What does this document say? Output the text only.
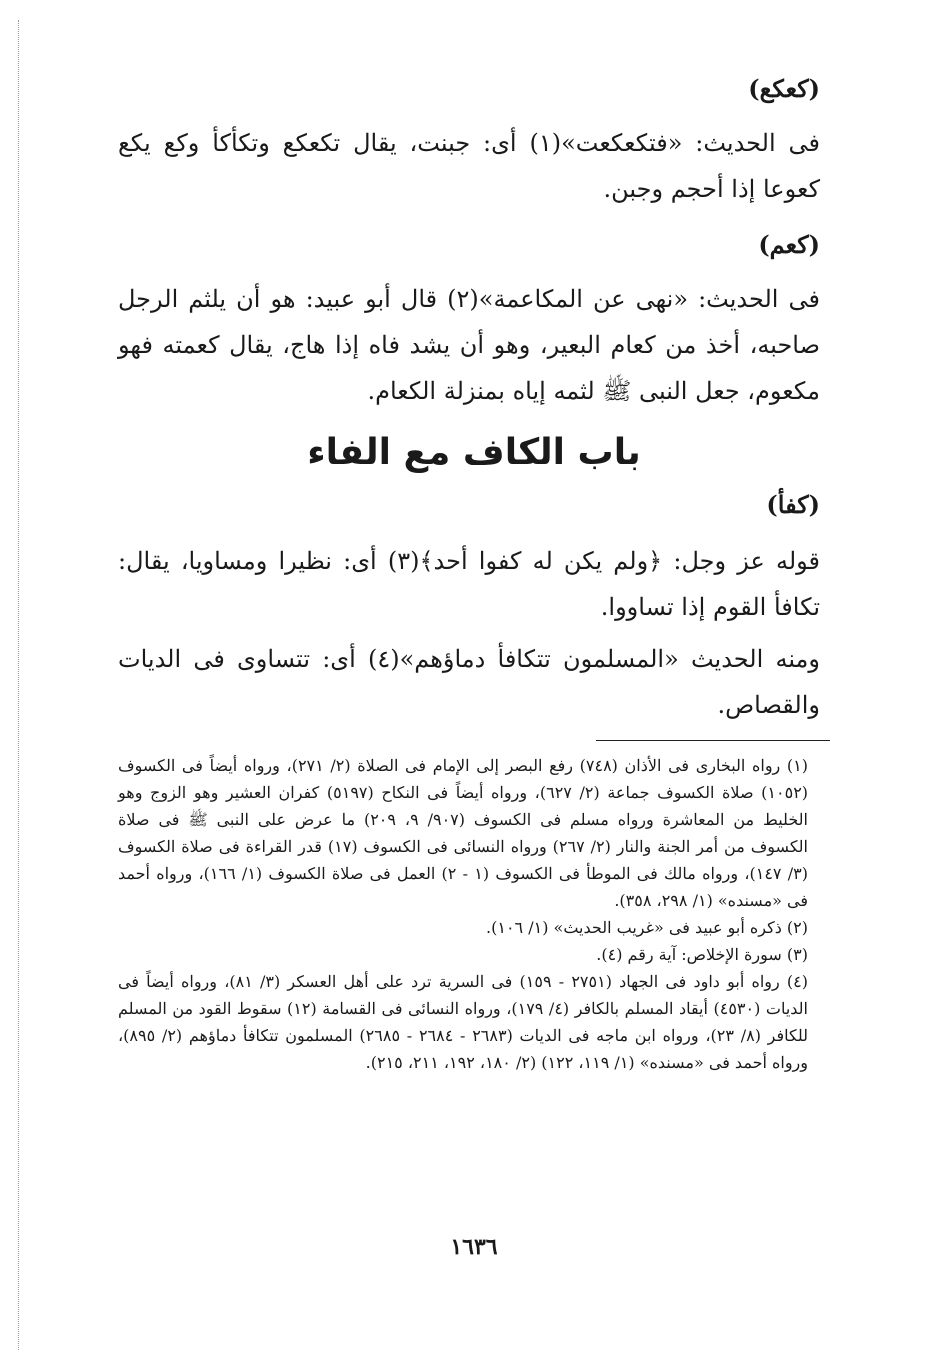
(كعكع)

فى الحديث: «فتكعكعت»(١) أى: جبنت، يقال تكعكع وتكأكأ وكع يكع كعوعا إذا أحجم وجبن.

(كعم)

فى الحديث: «نهى عن المكاعمة»(٢) قال أبو عبيد: هو أن يلثم الرجل صاحبه، أخذ من كعام البعير، وهو أن يشد فاه إذا هاج، يقال كعمته فهو مكعوم، جعل النبى ﷺ لثمه إياه بمنزلة الكعام.

باب الكاف مع الفاء
(كفأ)

قوله عز وجل: ﴿ولم يكن له كفوا أحد﴾(٣) أى: نظيرا ومساويا، يقال: تكافأ القوم إذا تساووا.

ومنه الحديث «المسلمون تتكافأ دماؤهم»(٤) أى: تتساوى فى الديات والقصاص.

(١) رواه البخارى فى الأذان (٧٤٨) رفع البصر إلى الإمام فى الصلاة (٢/ ٢٧١)، ورواه أيضاً فى الكسوف (١٠٥٢) صلاة الكسوف جماعة (٢/ ٦٢٧)، ورواه أيضاً فى النكاح (٥١٩٧) كفران العشير وهو الزوج وهو الخليط من المعاشرة ورواه مسلم فى الكسوف (٩٠٧/ ٩، ٢٠٩) ما عرض على النبى ﷺ فى صلاة الكسوف من أمر الجنة والنار (٢/ ٢٦٧) ورواه النسائى فى الكسوف (١٧) قدر القراءة فى صلاة الكسوف (٣/ ١٤٧)، ورواه مالك فى الموطأ فى الكسوف (١ - ٢) العمل فى صلاة الكسوف (١/ ١٦٦)، ورواه أحمد فى «مسنده» (١/ ٢٩٨، ٣٥٨).

(٢) ذكره أبو عبيد فى «غريب الحديث» (١/ ١٠٦).

(٣) سورة الإخلاص: آية رقم (٤).

(٤) رواه أبو داود فى الجهاد (٢٧٥١ - ١٥٩) فى السرية ترد على أهل العسكر (٣/ ٨١)، ورواه أيضاً فى الديات (٤٥٣٠) أيقاد المسلم بالكافر (٤/ ١٧٩)، ورواه النسائى فى القسامة (١٢) سقوط القود من المسلم للكافر (٨/ ٢٣)، ورواه ابن ماجه فى الديات (٢٦٨٣ - ٢٦٨٤ - ٢٦٨٥) المسلمون تتكافأ دماؤهم (٢/ ٨٩٥)، ورواه أحمد فى «مسنده» (١/ ١١٩، ١٢٢) (٢/ ١٨٠، ١٩٢، ٢١١، ٢١٥).

١٦٣٦
